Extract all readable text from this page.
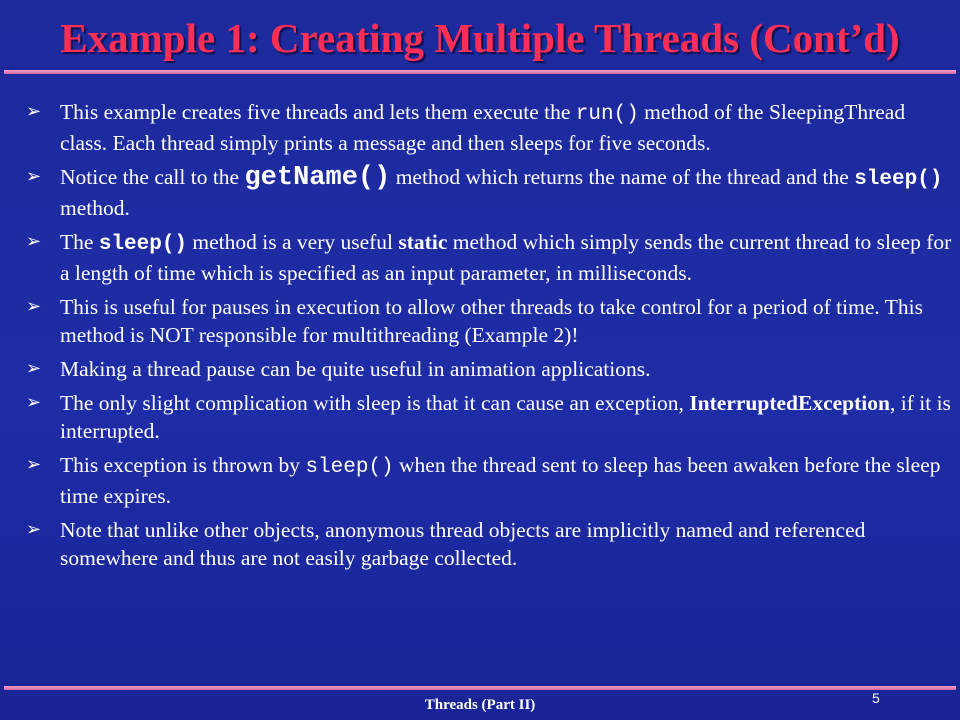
Example 1: Creating Multiple Threads (Cont’d)
➢ This example creates five threads and lets them execute the run() method of the SleepingThread class. Each thread simply prints a message and then sleeps for five seconds.
➢ Notice the call to the getName() method which returns the name of the thread and the sleep() method.
➢ The sleep() method is a very useful static method which simply sends the current thread to sleep for a length of time which is specified as an input parameter, in milliseconds.
➢ This is useful for pauses in execution to allow other threads to take control for a period of time. This method is NOT responsible for multithreading (Example 2)!
➢ Making a thread pause can be quite useful in animation applications.
➢ The only slight complication with sleep is that it can cause an exception, InterruptedException, if it is interrupted.
➢ This exception is thrown by sleep() when the thread sent to sleep has been awaken before the sleep time expires.
➢ Note that unlike other objects, anonymous thread objects are implicitly named and referenced somewhere and thus are not easily garbage collected.
Threads (Part II)	5
